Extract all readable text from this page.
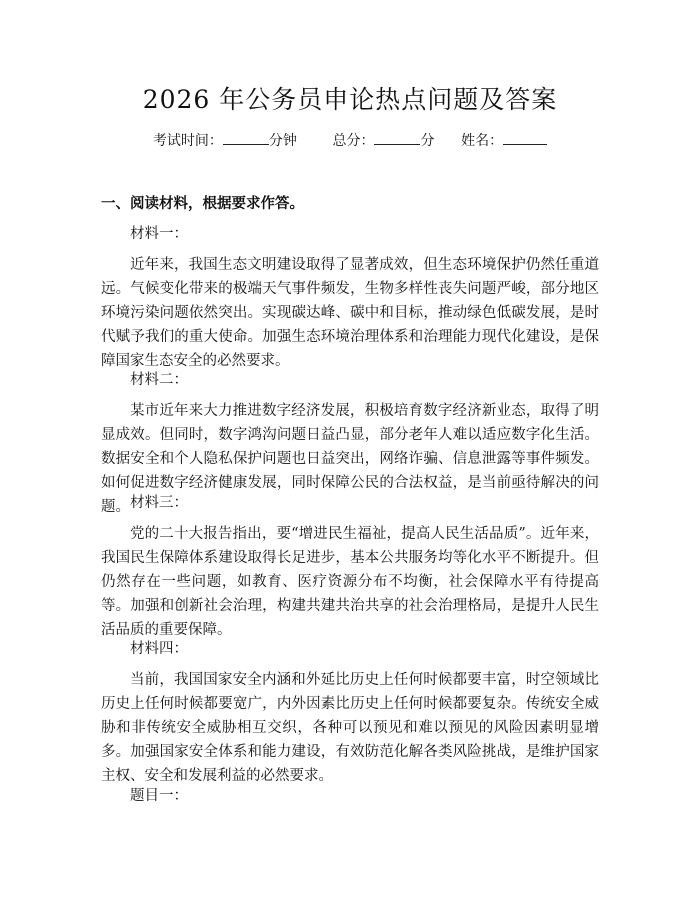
2026 年公务员申论热点问题及答案
考试时间：	分钟	总分：	分 姓名：
一、阅读材料，根据要求作答。

材料一：

近年来，我国生态文明建设取得了显著成效，但生态环境保护仍然任重道远。气候变化带来的极端天气事件频发，生物多样性丧失问题严峻，部分地区环境污染问题依然突出。实现碳达峰、碳中和目标，推动绿色低碳发展，是时代赋予我们的重大使命。加强生态环境治理体系和治理能力现代化建设，是保障国家生态安全的必然要求。

材料二：

某市近年来大力推进数字经济发展，积极培育数字经济新业态，取得了明显成效。但同时，数字鸿沟问题日益凸显，部分老年人难以适应数字化生活。数据安全和个人隐私保护问题也日益突出，网络诈骗、信息泄露等事件频发。如何促进数字经济健康发展，同时保障公民的合法权益，是当前亟待解决的问题。 材料三：

党的二十大报告指出，要“增进民生福祉，提高人民生活品质”。近年来，我国民生保障体系建设取得长足进步，基本公共服务均等化水平不断提升。但仍然存在一些问题，如教育、医疗资源分布不均衡，社会保障水平有待提高等。加强和创新社会治理，构建共建共治共享的社会治理格局，是提升人民生活品质的重要保障。

材料四：

当前，我国国家安全内涵和外延比历史上任何时候都要丰富，时空领域比历史上任何时候都要宽广，内外因素比历史上任何时候都要复杂。传统安全威胁和非传统安全威胁相互交织，各种可以预见和难以预见的风险因素明显增多。加强国家安全体系和能力建设，有效防范化解各类风险挑战，是维护国家主权、安全和发展利益的必然要求。

题目一：
